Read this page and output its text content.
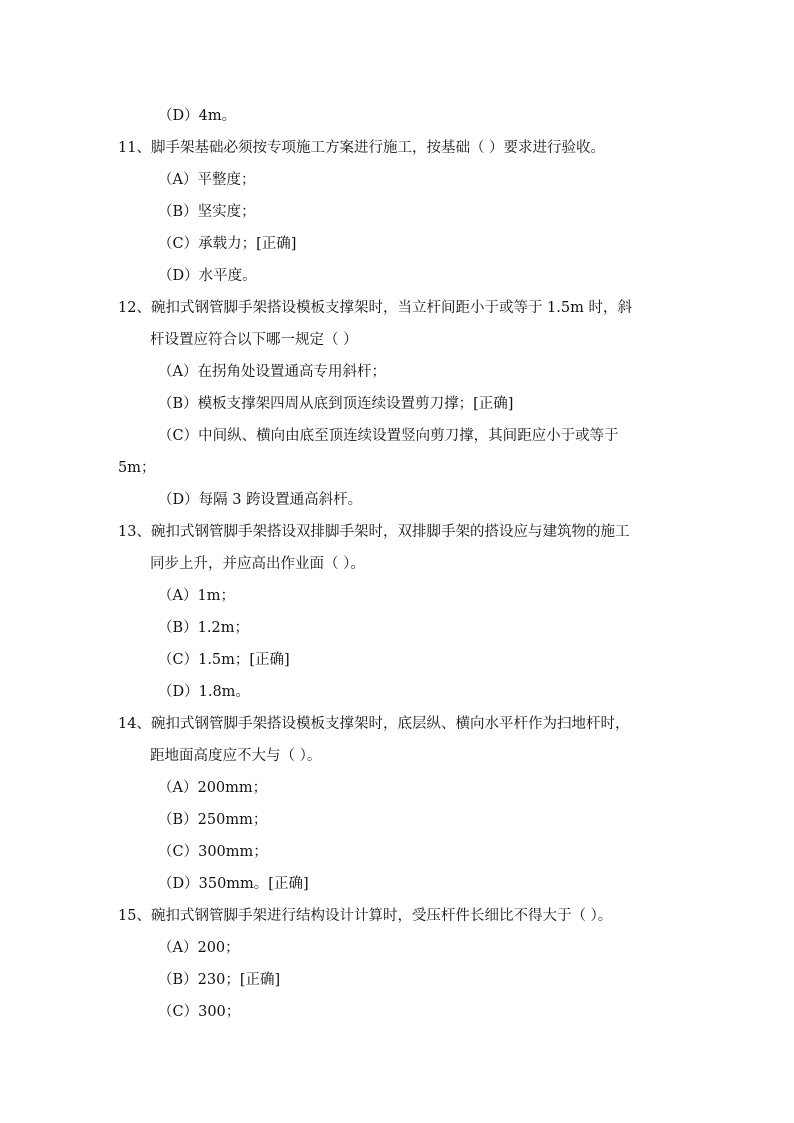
（D）4m。
11、脚手架基础必须按专项施工方案进行施工，按基础（ ）要求进行验收。
（A）平整度；
（B）坚实度；
（C）承载力；[正确]
（D）水平度。
12、碗扣式钢管脚手架搭设模板支撑架时，当立杆间距小于或等于 1.5m 时，斜
杆设置应符合以下哪一规定（ ）
（A）在拐角处设置通高专用斜杆；
（B）模板支撑架四周从底到顶连续设置剪刀撑；[正确]
（C）中间纵、横向由底至顶连续设置竖向剪刀撑，其间距应小于或等于
5m；
（D）每隔 3 跨设置通高斜杆。
13、碗扣式钢管脚手架搭设双排脚手架时，双排脚手架的搭设应与建筑物的施工
同步上升，并应高出作业面（ ）。
（A）1m；
（B）1.2m；
（C）1.5m；[正确]
（D）1.8m。
14、碗扣式钢管脚手架搭设模板支撑架时，底层纵、横向水平杆作为扫地杆时，
距地面高度应不大与（ ）。
（A）200mm；
（B）250mm；
（C）300mm；
（D）350mm。[正确]
15、碗扣式钢管脚手架进行结构设计计算时，受压杆件长细比不得大于（ ）。
（A）200；
（B）230；[正确]
（C）300；
